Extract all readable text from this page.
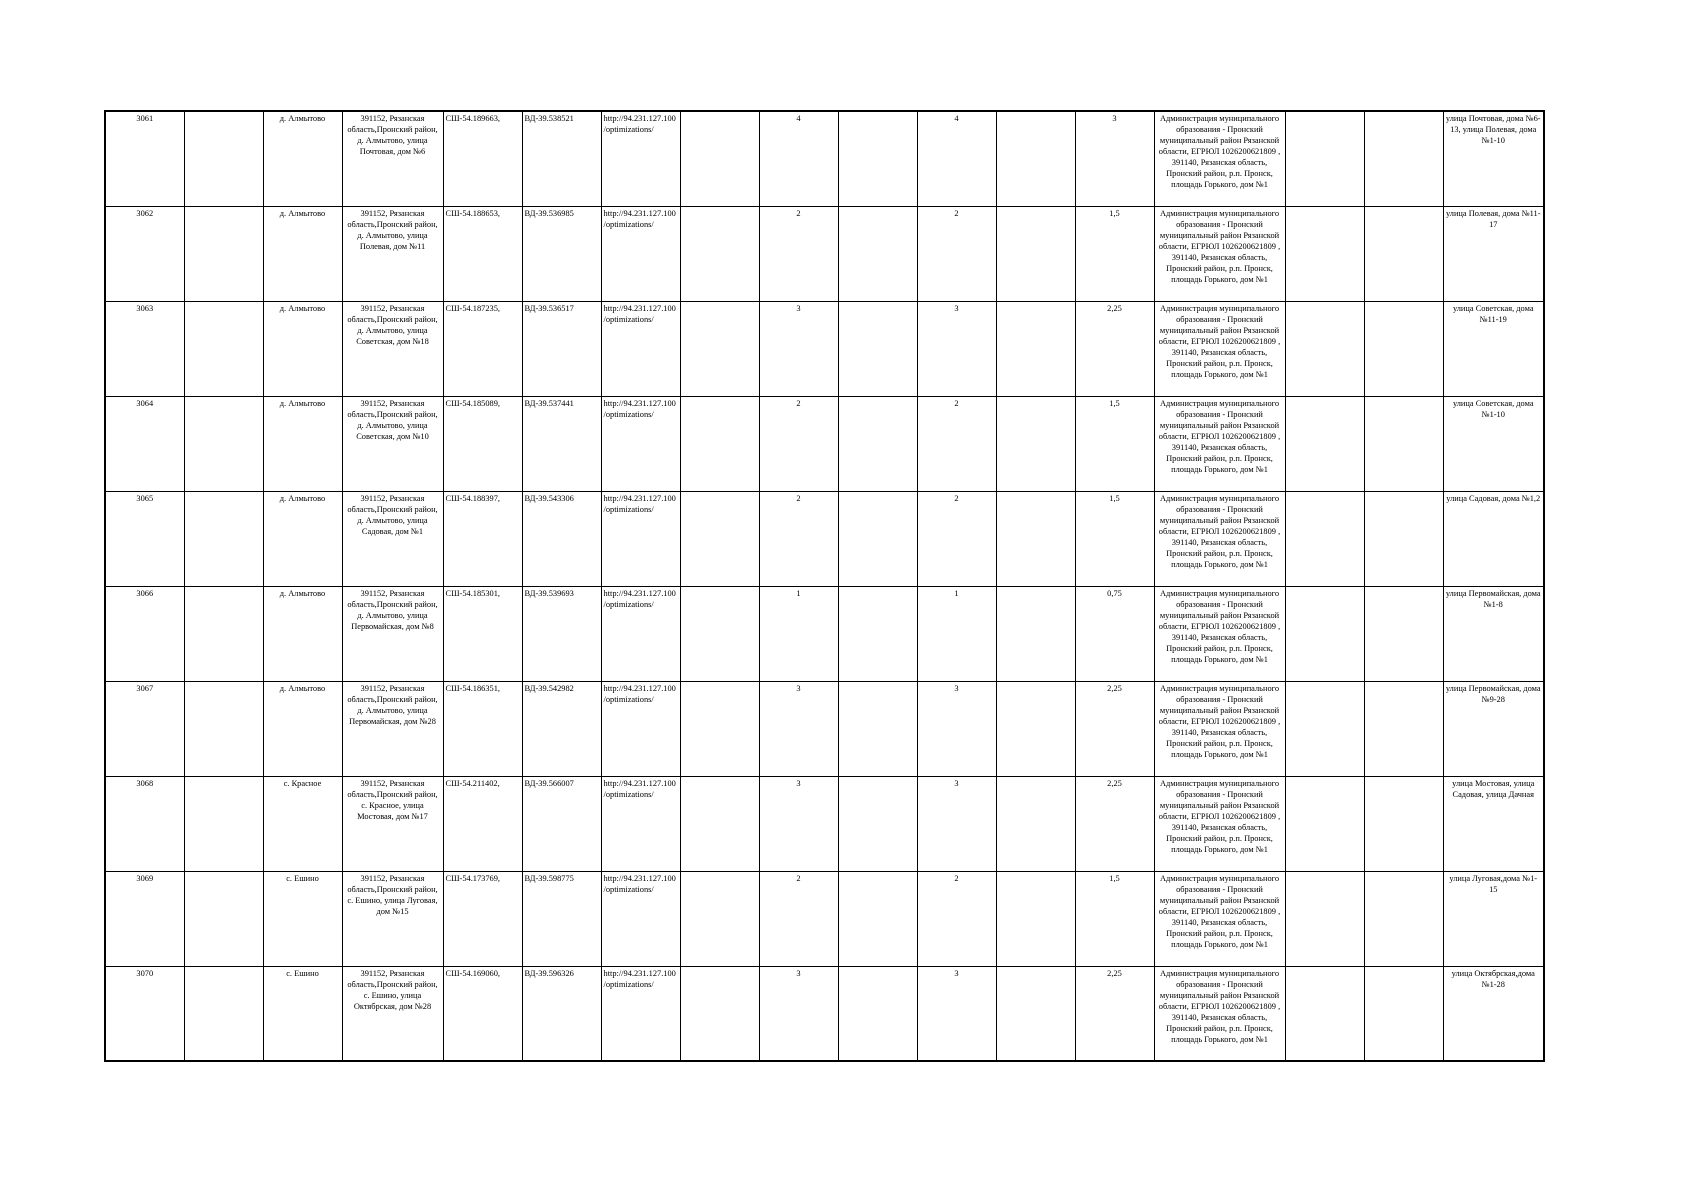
3061		д. Алмытово	391152, Рязанская область,Пронский район, д. Алмытово, улица Почтовая, дом №6	СШ-54.189663,	ВД-39.538521	http://94.231.127.100/optimizations/		4		4		3	Администрация муниципального образования - Пронский муниципальный район Рязанской области, ЕГРЮЛ 1026200621809 , 391140, Рязанская область, Пронский район, р.п. Пронск, площадь Горького, дом №1			улица Почтовая, дома №6-13, улица Полевая, дома №1-10
3062		д. Алмытово	391152, Рязанская область,Пронский район, д. Алмытово, улица Полевая, дом №11	СШ-54.188653,	ВД-39.536985	http://94.231.127.100/optimizations/		2		2		1,5	Администрация муниципального образования - Пронский муниципальный район Рязанской области, ЕГРЮЛ 1026200621809 , 391140, Рязанская область, Пронский район, р.п. Пронск, площадь Горького, дом №1			улица Полевая, дома №11-17
3063		д. Алмытово	391152, Рязанская область,Пронский район, д. Алмытово, улица Советская, дом №18	СШ-54.187235,	ВД-39.536517	http://94.231.127.100/optimizations/		3		3		2,25	Администрация муниципального образования - Пронский муниципальный район Рязанской области, ЕГРЮЛ 1026200621809 , 391140, Рязанская область, Пронский район, р.п. Пронск, площадь Горького, дом №1			улица Советская, дома №11-19
3064		д. Алмытово	391152, Рязанская область,Пронский район, д. Алмытово, улица Советская, дом №10	СШ-54.185089,	ВД-39.537441	http://94.231.127.100/optimizations/		2		2		1,5	Администрация муниципального образования - Пронский муниципальный район Рязанской области, ЕГРЮЛ 1026200621809 , 391140, Рязанская область, Пронский район, р.п. Пронск, площадь Горького, дом №1			улица Советская, дома №1-10
3065		д. Алмытово	391152, Рязанская область,Пронский район, д. Алмытово, улица Садовая, дом №1	СШ-54.188397,	ВД-39.543306	http://94.231.127.100/optimizations/		2		2		1,5	Администрация муниципального образования - Пронский муниципальный район Рязанской области, ЕГРЮЛ 1026200621809 , 391140, Рязанская область, Пронский район, р.п. Пронск, площадь Горького, дом №1			улица Садовая, дома №1,2
3066		д. Алмытово	391152, Рязанская область,Пронский район, д. Алмытово, улица Первомайская, дом №8	СШ-54.185301,	ВД-39.539693	http://94.231.127.100/optimizations/		1		1		0,75	Администрация муниципального образования - Пронский муниципальный район Рязанской области, ЕГРЮЛ 1026200621809 , 391140, Рязанская область, Пронский район, р.п. Пронск, площадь Горького, дом №1			улица Первомайская, дома №1-8
3067		д. Алмытово	391152, Рязанская область,Пронский район, д. Алмытово, улица Первомайская, дом №28	СШ-54.186351,	ВД-39.542982	http://94.231.127.100/optimizations/		3		3		2,25	Администрация муниципального образования - Пронский муниципальный район Рязанской области, ЕГРЮЛ 1026200621809 , 391140, Рязанская область, Пронский район, р.п. Пронск, площадь Горького, дом №1			улица Первомайская, дома №9-28
3068		с. Красное	391152, Рязанская область,Пронский район, с. Красное, улица Мостовая, дом №17	СШ-54.211402,	ВД-39.566007	http://94.231.127.100/optimizations/		3		3		2,25	Администрация муниципального образования - Пронский муниципальный район Рязанской области, ЕГРЮЛ 1026200621809 , 391140, Рязанская область, Пронский район, р.п. Пронск, площадь Горького, дом №1			улица Мостовая, улица Садовая, улица Дачная
3069		с. Ешино	391152, Рязанская область,Пронский район, с. Ешино, улица Луговая, дом №15	СШ-54.173769,	ВД-39.598775	http://94.231.127.100/optimizations/		2		2		1,5	Администрация муниципального образования - Пронский муниципальный район Рязанской области, ЕГРЮЛ 1026200621809 , 391140, Рязанская область, Пронский район, р.п. Пронск, площадь Горького, дом №1			улица Луговая,дома №1-15
3070		с. Ешино	391152, Рязанская область,Пронский район, с. Ешино, улица Октябрская, дом №28	СШ-54.169060,	ВД-39.596326	http://94.231.127.100/optimizations/		3		3		2,25	Администрация муниципального образования - Пронский муниципальный район Рязанской области, ЕГРЮЛ 1026200621809 , 391140, Рязанская область, Пронский район, р.п. Пронск, площадь Горького, дом №1			улица Октябрская,дома №1-28
